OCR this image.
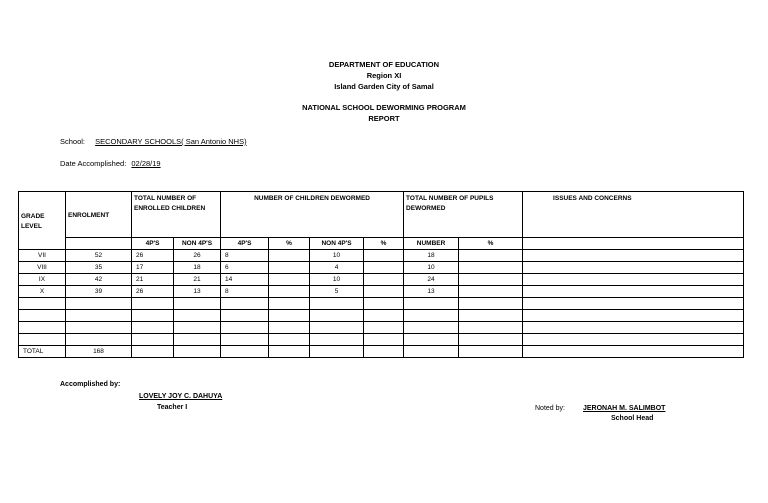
DEPARTMENT OF EDUCATION
Region XI
Island Garden City of Samal
NATIONAL SCHOOL DEWORMING PROGRAM
REPORT
School: SECONDARY SCHOOLS( San Antonio NHS)
Date Accomplished: 02/28/19
GRADE LEVEL	ENROLMENT	TOTAL NUMBER OF ENROLLED CHILDREN		NUMBER OF CHILDREN DEWORMED				TOTAL NUMBER OF PUPILS DEWORMED		ISSUES AND CONCERNS
		4P'S	NON 4P'S	4P'S	%	NON 4P'S	%	NUMBER	%	
VII	52	26	26	8		10		18		
VIII	35	17	18	6		4		10		
IX	42	21	21	14		10		24		
X	39	26	13	8		5		13		

TOTAL	168									
Accomplished by:
LOVELY JOY C. DAHUYA
Teacher I	Noted by:	JERONAH M. SALIMBOT
School Head
